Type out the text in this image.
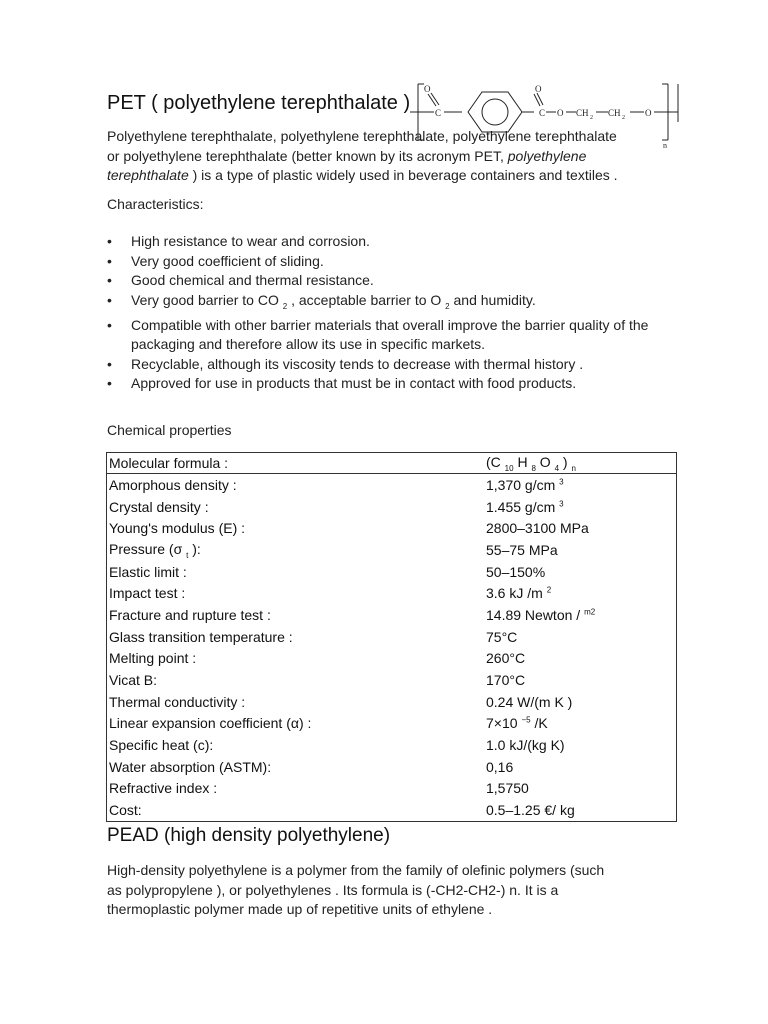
PET ( polyethylene terephthalate )
O
C
O
C O CH 2 CH 2 O
n
Polyethylene terephthalate, polyethylene terephthalate, polyethylene terephthalate
or polyethylene terephthalate (better known by its acronym PET, polyethylene
terephthalate ) is a type of plastic widely used in beverage containers and textiles .
Characteristics:
• High resistance to wear and corrosion.
• Very good coefficient of sliding.
• Good chemical and thermal resistance.
• Very good barrier to CO $_2$ , acceptable barrier to O $_2$ and humidity.
• Compatible with other barrier materials that overall improve the barrier quality of the packaging and therefore allow its use in specific markets.
• Recyclable, although its viscosity tends to decrease with thermal history .
• Approved for use in products that must be in contact with food products.
Chemical properties
Molecular formula :	(C $_{10}$ H $_8$ O $_4$ ) $_n$
Amorphous density :	1,370 g/cm $^3$
Crystal density :	1.455 g/cm $^3$
Young's modulus (E) :	2800–3100 MPa
Pressure (σ $_t$ ):	55–75 MPa
Elastic limit :	50–150%
Impact test :	3.6 kJ /m $^2$
Fracture and rupture test :	14.89 Newton / $^{m2}$
Glass transition temperature :	75°C
Melting point :	260°C
Vicat B:	170°C
Thermal conductivity :	0.24 W/(m K )
Linear expansion coefficient (α) :	7×10 $^{-5}$ /K
Specific heat (c):	1.0 kJ/(kg K)
Water absorption (ASTM):	0,16
Refractive index :	1,5750
Cost:	0.5–1.25 €/ kg
PEAD (high density polyethylene)
High-density polyethylene is a polymer from the family of olefinic polymers (such
as polypropylene ), or polyethylenes . Its formula is (-CH2-CH2-) n. It is a
thermoplastic polymer made up of repetitive units of ethylene .
